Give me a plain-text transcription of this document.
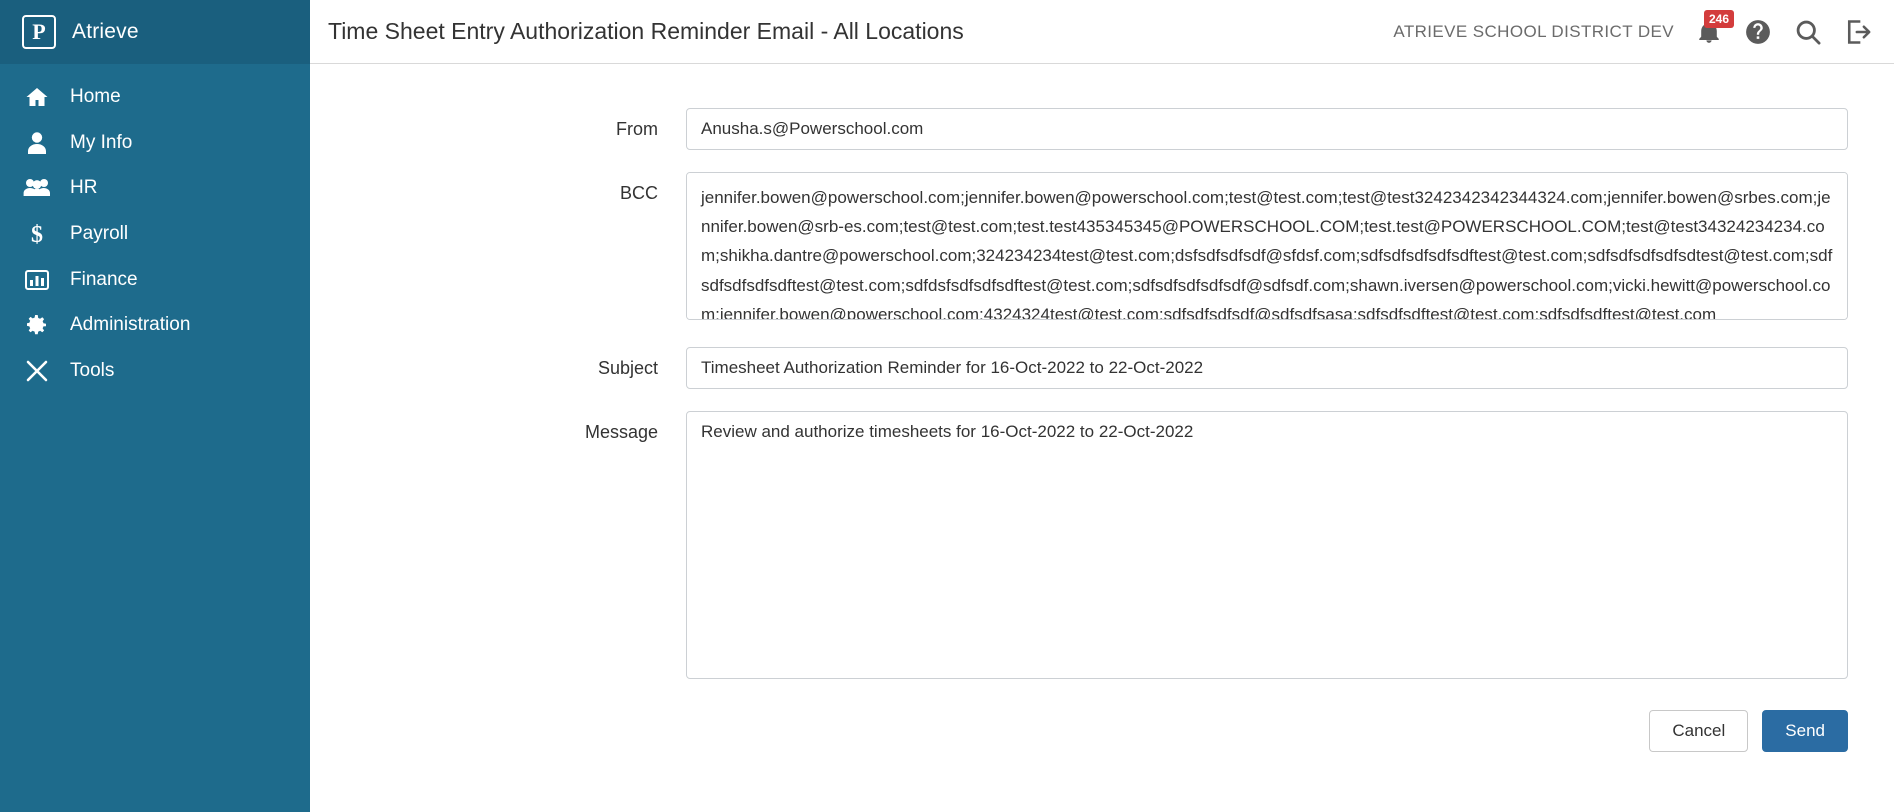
P Atrieve
Home
My Info
HR
$ Payroll
Finance
Administration
Tools
Time Sheet Entry Authorization Reminder Email - All Locations	ATRIEVE SCHOOL DISTRICT DEV
246
From
Anusha.s@Powerschool.com
BCC
jennifer.bowen@powerschool.com;jennifer.bowen@powerschool.com;test@test.com;test@test3242342342344324.com;jennifer.bowen@srbes.com;jennifer.bowen@srb-es.com;test@test.com;test.test435345345@POWERSCHOOL.COM;test.test@POWERSCHOOL.COM;test@test34324234234.com;shikha.dantre@powerschool.com;324234234test@test.com;dsfsdfsdfsdf@sfdsf.com;sdfsdfsdfsdfsdftest@test.com;sdfsdfsdfsdfsdtest@test.com;sdfsdfsdfsdfsdftest@test.com;sdfdsfsdfsdfsdftest@test.com;sdfsdfsdfsdfsdf@sdfsdf.com;shawn.iversen@powerschool.com;vicki.hewitt@powerschool.com;jennifer.bowen@powerschool.com;4324324test@test.com;sdfsdfsdfsdf@sdfsdfsasa;sdfsdfsdftest@test.com;sdfsdfsdftest@test.com
Subject
Timesheet Authorization Reminder for 16-Oct-2022 to 22-Oct-2022
Message
Review and authorize timesheets for 16-Oct-2022 to 22-Oct-2022
Cancel	Send
